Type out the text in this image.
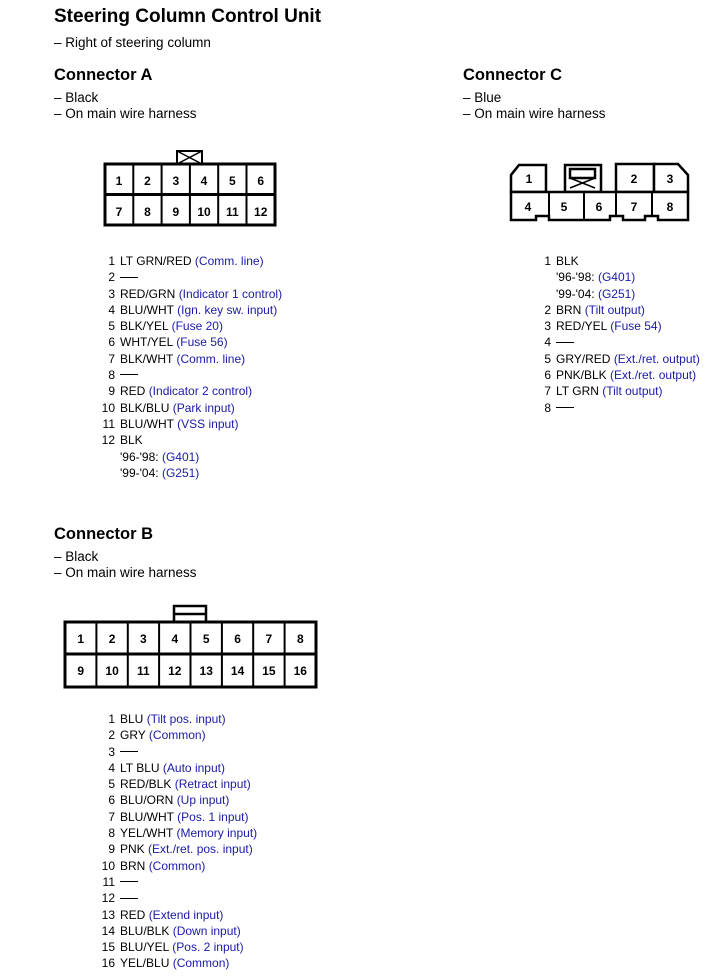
Steering Column Control Unit
– Right of steering column
Connector A
– Black
– On main wire harness
1 2 3 4 5 6
7 8 9 10 11 12
1 LT GRN/RED (Comm. line)
2
3 RED/GRN (Indicator 1 control)
4 BLU/WHT (Ign. key sw. input)
5 BLK/YEL (Fuse 20)
6 WHT/YEL (Fuse 56)
7 BLK/WHT (Comm. line)
8
9 RED (Indicator 2 control)
10 BLK/BLU (Park input)
11 BLU/WHT (VSS input)
12 BLK
'96-'98: (G401)
'99-'04: (G251)
Connector C
– Blue
– On main wire harness
1	2 3
4 5 6 7 8
1 BLK
'96-'98: (G401)
'99-'04: (G251)
2 BRN (Tilt output)
3 RED/YEL (Fuse 54)
4
5 GRY/RED (Ext./ret. output)
6 PNK/BLK (Ext./ret. output)
7 LT GRN (Tilt output)
8
Connector B
– Black
– On main wire harness
1 2 3 4 5 6 7 8
9 10 11 12 13 14 15 16
1 BLU (Tilt pos. input)
2 GRY (Common)
3
4 LT BLU (Auto input)
5 RED/BLK (Retract input)
6 BLU/ORN (Up input)
7 BLU/WHT (Pos. 1 input)
8 YEL/WHT (Memory input)
9 PNK (Ext./ret. pos. input)
10 BRN (Common)
11
12
13 RED (Extend input)
14 BLU/BLK (Down input)
15 BLU/YEL (Pos. 2 input)
16 YEL/BLU (Common)
